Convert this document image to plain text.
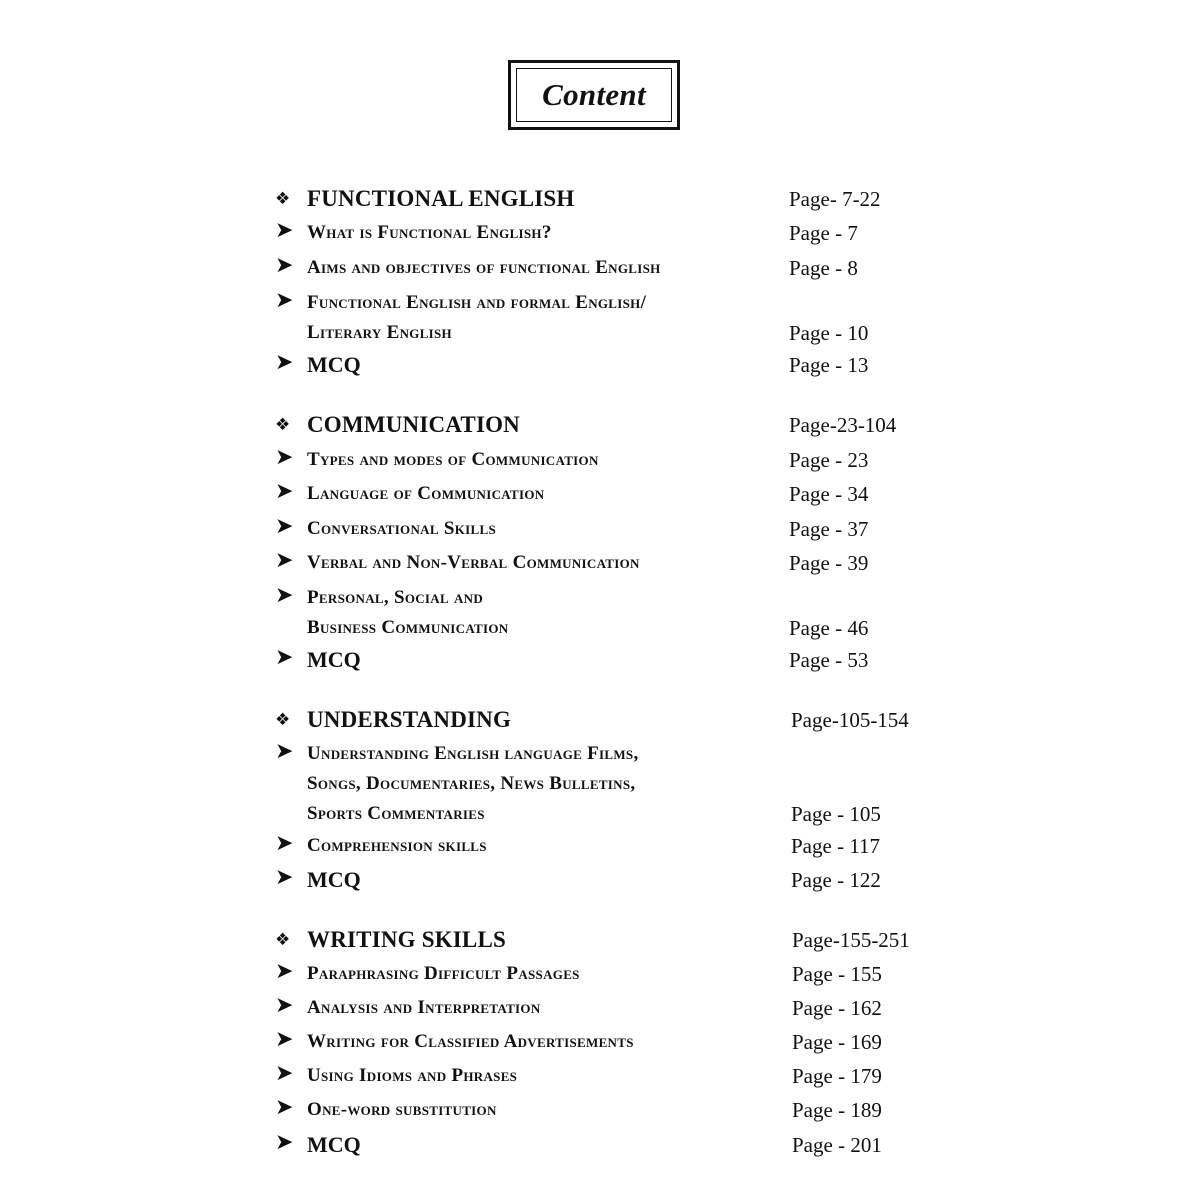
Content
❖ FUNCTIONAL ENGLISH	Page- 7-22
➤ What is Functional English?	Page - 7
➤ Aims and objectives of functional English	Page - 8
➤ Functional English and formal English/
Literary English	Page - 10
➤ MCQ	Page - 13
❖ COMMUNICATION	Page-23-104
➤ Types and modes of Communication	Page - 23
➤ Language of Communication	Page - 34
➤ Conversational Skills	Page - 37
➤ Verbal and Non-Verbal Communication	Page - 39
➤ Personal, Social and
Business Communication	Page - 46
➤ MCQ	Page - 53
❖ UNDERSTANDING	Page-105-154
➤ Understanding English language Films,
Songs, Documentaries, News Bulletins,
Sports Commentaries	Page - 105
➤ Comprehension skills	Page - 117
➤ MCQ	Page - 122
❖ WRITING SKILLS	Page-155-251
➤ Paraphrasing Difficult Passages	Page - 155
➤ Analysis and Interpretation	Page - 162
➤ Writing for Classified Advertisements	Page - 169
➤ Using Idioms and Phrases	Page - 179
➤ One-word substitution	Page - 189
➤ MCQ	Page - 201
